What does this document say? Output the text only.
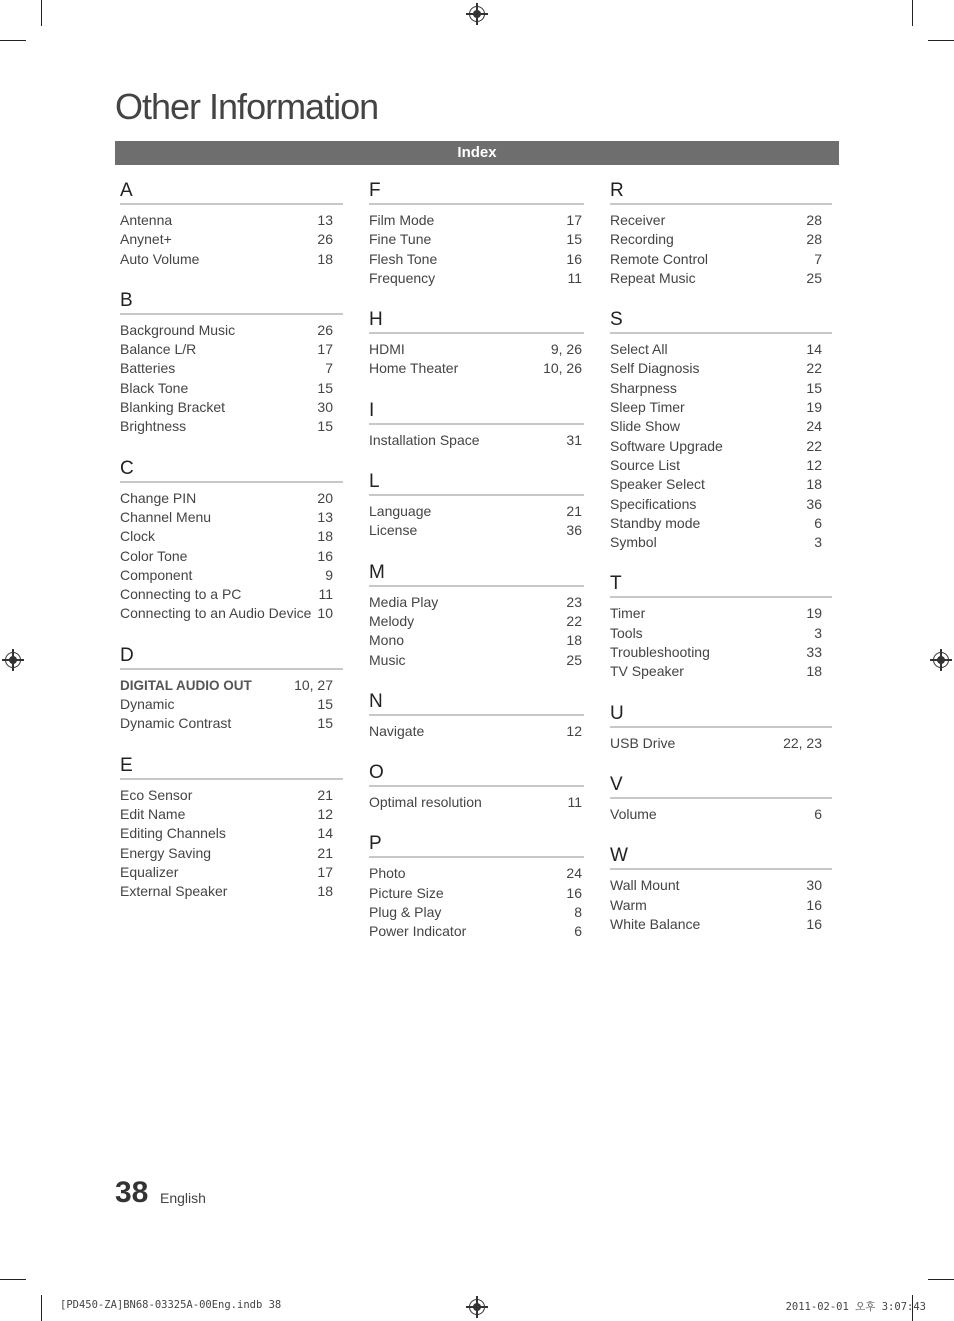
Other Information
Index
A
Antenna	13
Anynet+	26
Auto Volume	18
B
Background Music	26
Balance L/R	17
Batteries	7
Black Tone	15
Blanking Bracket	30
Brightness	15
C
Change PIN	20
Channel Menu	13
Clock	18
Color Tone	16
Component	9
Connecting to a PC	11
Connecting to an Audio Device 10
D
DIGITAL AUDIO OUT	10, 27
Dynamic	15
Dynamic Contrast	15
E
Eco Sensor	21
Edit Name	12
Editing Channels	14
Energy Saving	21
Equalizer	17
External Speaker	18
F
Film Mode	17
Fine Tune	15
Flesh Tone	16
Frequency	11
H
HDMI	9, 26
Home Theater	10, 26
I
Installation Space	31
L
Language	21
License	36
M
Media Play	23
Melody	22
Mono	18
Music	25
N
Navigate	12
O
Optimal resolution	11
P
Photo	24
Picture Size	16
Plug & Play	8
Power Indicator	6
R
Receiver	28
Recording	28
Remote Control	7
Repeat Music	25
S
Select All	14
Self Diagnosis	22
Sharpness	15
Sleep Timer	19
Slide Show	24
Software Upgrade	22
Source List	12
Speaker Select	18
Specifications	36
Standby mode	6
Symbol	3
T
Timer	19
Tools	3
Troubleshooting	33
TV Speaker	18
U
USB Drive	22, 23
V
Volume	6
W
Wall Mount	30
Warm	16
White Balance	16
38 English
[PD450-ZA]BN68-03325A-00Eng.indb 38	2011-02-01 오후 3:07:43
